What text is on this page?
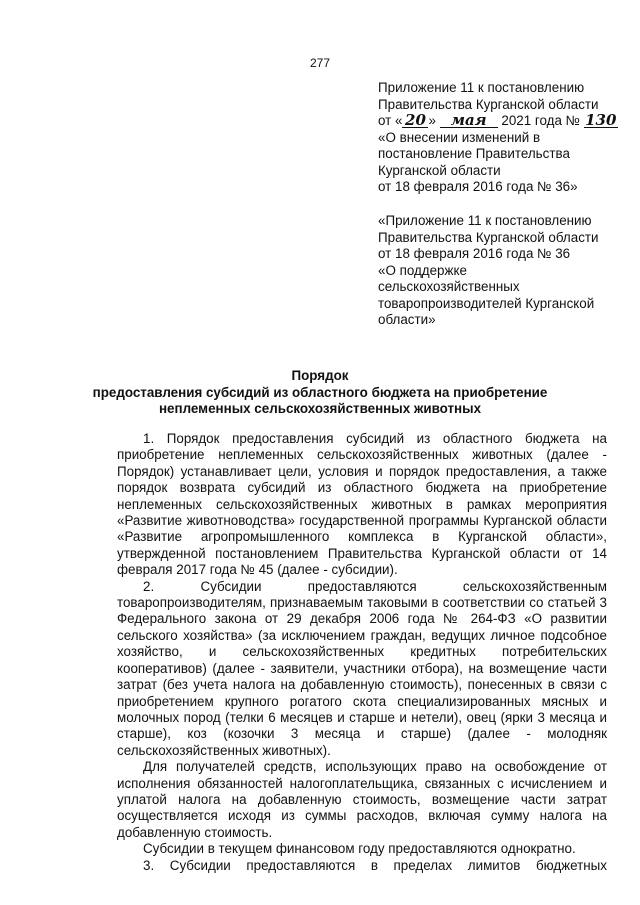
277
Приложение 11 к постановлению
Правительства Курганской области
от « 20 » мая 2021 года № 130
«О внесении изменений в
постановление Правительства
Курганской области
от 18 февраля 2016 года № 36»
«Приложение 11 к постановлению
Правительства Курганской области
от 18 февраля 2016 года № 36
«О поддержке
сельскохозяйственных
товаропроизводителей Курганской
области»
Порядок
предоставления субсидий из областного бюджета на приобретение
неплеменных сельскохозяйственных животных

1. Порядок предоставления субсидий из областного бюджета на приобретение неплеменных сельскохозяйственных животных (далее - Порядок) устанавливает цели, условия и порядок предоставления, а также порядок возврата субсидий из областного бюджета на приобретение неплеменных сельскохозяйственных животных в рамках мероприятия «Развитие животноводства» государственной программы Курганской области «Развитие агропромышленного комплекса в Курганской области», утвержденной постановлением Правительства Курганской области от 14 февраля 2017 года № 45 (далее - субсидии).

2. Субсидии предоставляются сельскохозяйственным товаропроизводителям, признаваемым таковыми в соответствии со статьей 3 Федерального закона от 29 декабря 2006 года № 264-ФЗ «О развитии сельского хозяйства» (за исключением граждан, ведущих личное подсобное хозяйство, и сельскохозяйственных кредитных потребительских кооперативов) (далее - заявители, участники отбора), на возмещение части затрат (без учета налога на добавленную стоимость), понесенных в связи с приобретением крупного рогатого скота специализированных мясных и молочных пород (телки 6 месяцев и старше и нетели), овец (ярки 3 месяца и старше), коз (козочки 3 месяца и старше) (далее - молодняк сельскохозяйственных животных).

Для получателей средств, использующих право на освобождение от исполнения обязанностей налогоплательщика, связанных с исчислением и уплатой налога на добавленную стоимость, возмещение части затрат осуществляется исходя из суммы расходов, включая сумму налога на добавленную стоимость.

Субсидии в текущем финансовом году предоставляются однократно.

3. Субсидии предоставляются в пределах лимитов бюджетных
